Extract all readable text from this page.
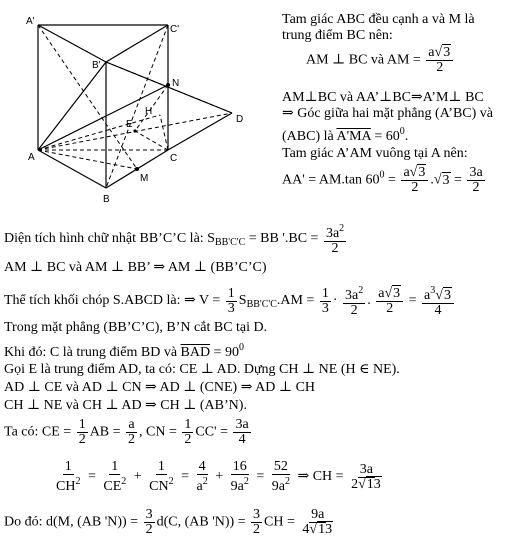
A'
C'
B'
N
D
H
E
A	C
M
B
Tam giác ABC đều cạnh a và M là
trung điểm BC nên:
AM ⊥ BC và AM = $\frac{a√3}{2}$
AM⊥BC và AA’⊥BC⇒A’M⊥ BC
⇒ Góc giữa hai mặt phẳng (A’BC) và
(ABC) là $A'MA = 60^0$.
Tam giác A’AM vuông tại A nên:
AA' = AM.tan $60^0 = \frac{a√3}{2} .√3 = \frac{3a}{2}$
Diện tích hình chữ nhật BB’C’C là: $S_{BB'C'C}$ = BB '$.BC = \frac{3a^2}{2}$
AM ⊥ BC và AM ⊥ BB’ ⇒ AM ⊥ (BB’C’C)
Thể tích khối chóp S.ABCD là: ⇒ $V = \frac{1}{3} S_{BB'C'C}.AM = \frac{1}{3} \cdot \frac{3a^2}{2}$ . $\frac{a√3}{2} = \frac{a^3√3}{4}$
Trong mặt phẳng (BB’C’C), B’N cắt BC tại D.
Khi đó: C là trung điểm BD và $\overline{BAD} = 90^0$
Gọi E là trung điểm AD, ta có: CE ⊥ AD. Dựng CH ⊥ NE (H ∈ NE).
AD ⊥ CE và AD ⊥ CN ⇒ AD ⊥ (CNE) ⇒ AD ⊥ CH
CH ⊥ NE và CH ⊥ AD ⇒ CH ⊥ (AB’N).
Ta có: CE = $\frac{1}{2}$ AB = $\frac{a}{2}$ , CN = $\frac{1}{2} CC' = \frac{3a}{4}$
$\frac{1}{CH^2} = \frac{1}{CE^2} + \frac{1}{CN^2} = \frac{4}{a^2} + \frac{16}{9a^2} = \frac{52}{9a^2}$ ⇒ CH = $\frac{3a}{2√13}$
Do đó: d(M, (AB '$N)) = \frac{3}{2} d(C$, (AB '$N)) = \frac{3}{2}$ CH = $\frac{9a}{4√13}$
